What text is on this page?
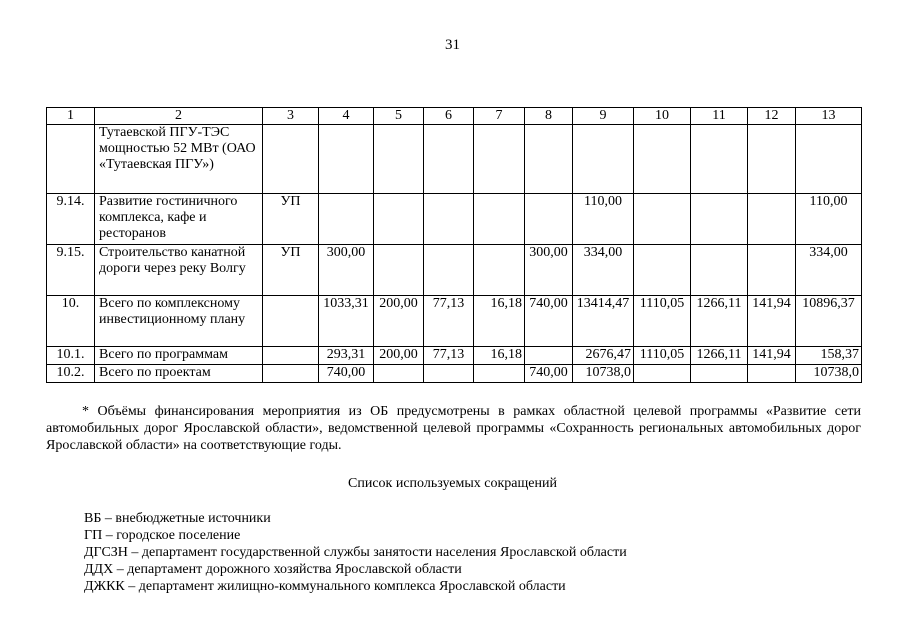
31
1	2	3	4	5	6	7	8	9	10	11	12	13
	Тутаевской ПГУ-ТЭС мощностью 52 МВт (ОАО «Тутаевская ПГУ»)											
9.14.	Развитие гостиничного комплекса, кафе и ресторанов	УП						110,00				110,00
9.15.	Строительство канатной дороги через реку Волгу	УП	300,00				300,00	334,00				334,00
10.	Всего по комплексному инвестиционному плану		1033,31	200,00	77,13	16,18	740,00	13414,47	1110,05	1266,11	141,94	10896,37
10.1.	Всего по программам		293,31	200,00	77,13	16,18		2676,47	1110,05	1266,11	141,94	158,37
10.2.	Всего по проектам		740,00				740,00	10738,0				10738,0
* Объёмы финансирования мероприятия из ОБ предусмотрены в рамках областной целевой программы «Развитие сети автомобильных дорог Ярославской области», ведомственной целевой программы «Сохранность региональных автомобильных дорог Ярославской области» на соответствующие годы.
Список используемых сокращений
ВБ – внебюджетные источники
ГП – городское поселение
ДГСЗН – департамент государственной службы занятости населения Ярославской области
ДДХ – департамент дорожного хозяйства Ярославской области
ДЖКК – департамент жилищно-коммунального комплекса Ярославской области
